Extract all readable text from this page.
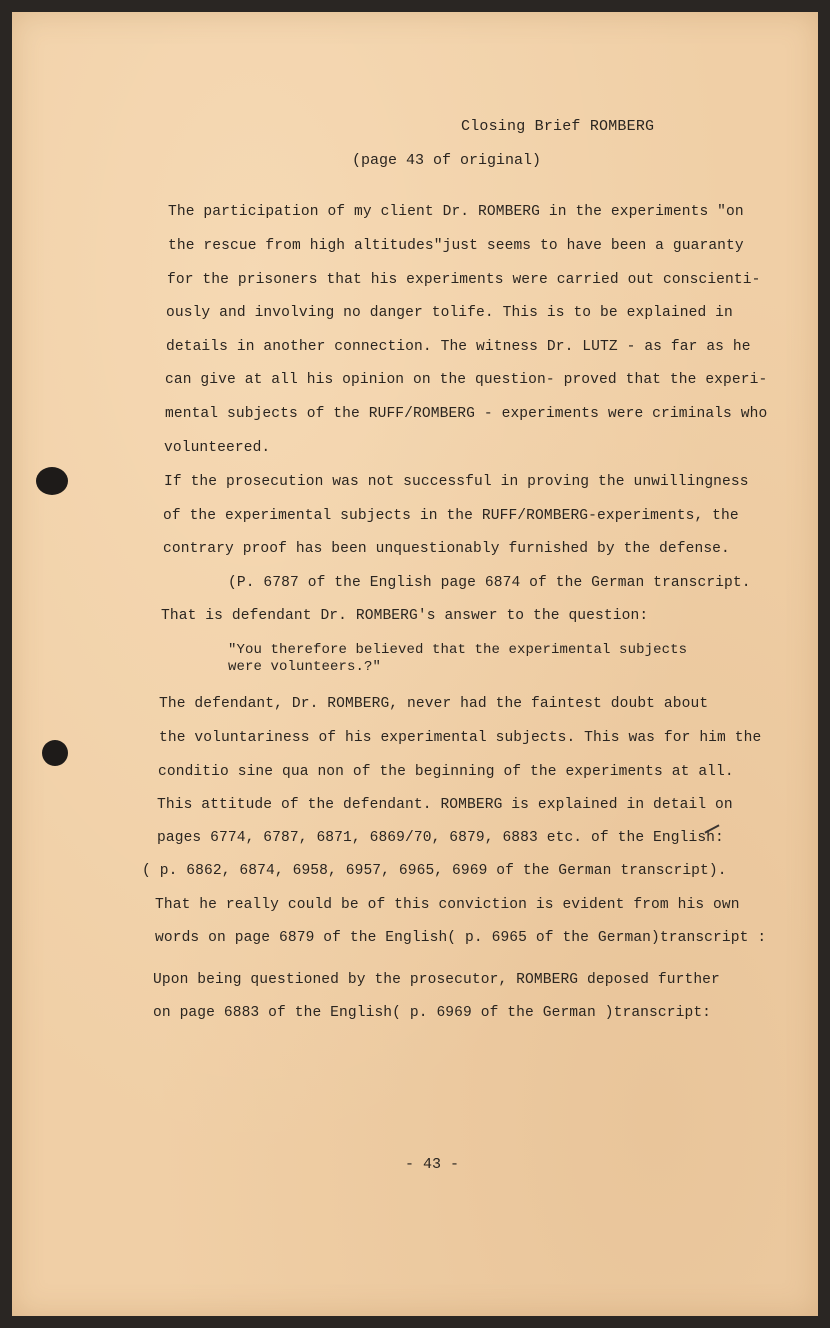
Closing Brief ROMBERG
(page 43 of original)
The participation of my client Dr. ROMBERG in the experiments "on
the rescue from high altitudes"just seems to have been a guaranty
for the prisoners that his experiments were carried out conscienti-
ously and involving no danger tolife. This is to be explained in
details in another connection. The witness Dr. LUTZ - as far as he
can give at all his opinion on the question- proved that the experi-
mental subjects of the RUFF/ROMBERG - experiments were criminals who
volunteered.
If the prosecution was not successful in proving the unwillingness
of the experimental subjects in the RUFF/ROMBERG-experiments, the
contrary proof has been unquestionably furnished by the defense.
(P. 6787 of the English page 6874 of the German transcript.
That is defendant Dr. ROMBERG's answer to the question:
"You therefore believed that the experimental subjects
were volunteers.?"
The defendant, Dr. ROMBERG, never had the faintest doubt about
the voluntariness of his experimental subjects. This was for him the
conditio sine qua non of the beginning of the experiments at all.
This attitude of the defendant. ROMBERG is explained in detail on
pages 6774, 6787, 6871, 6869/70, 6879, 6883 etc. of the English:
( p. 6862, 6874, 6958, 6957, 6965, 6969 of the German transcript).
That he really could be of this conviction is evident from his own
words on page 6879 of the English( p. 6965 of the German)transcript :
Upon being questioned by the prosecutor, ROMBERG deposed further
on page 6883 of the English( p. 6969 of the German )transcript:
- 43 -
